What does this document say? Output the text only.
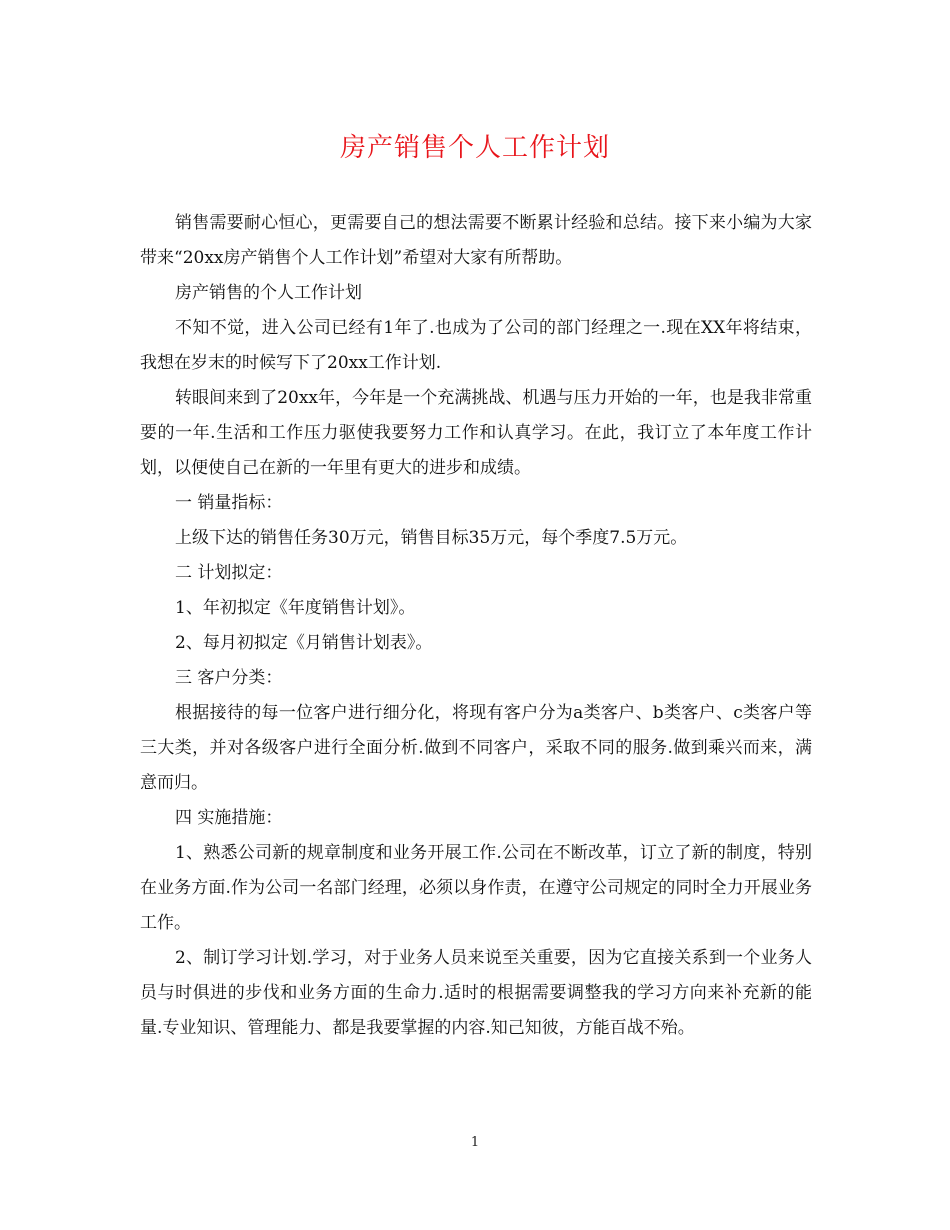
房产销售个人工作计划

销售需要耐心恒心，更需要自己的想法需要不断累计经验和总结。接下来小编为大家带来“20xx房产销售个人工作计划”希望对大家有所帮助。

房产销售的个人工作计划

不知不觉，进入公司已经有1年了.也成为了公司的部门经理之一.现在XX年将结束，我想在岁末的时候写下了20xx工作计划.

转眼间来到了20xx年，今年是一个充满挑战、机遇与压力开始的一年，也是我非常重要的一年.生活和工作压力驱使我要努力工作和认真学习。在此，我订立了本年度工作计划，以便使自己在新的一年里有更大的进步和成绩。

一 销量指标：

上级下达的销售任务30万元，销售目标35万元，每个季度7.5万元。

二 计划拟定：

1、年初拟定《年度销售计划》。

2、每月初拟定《月销售计划表》。

三 客户分类：

根据接待的每一位客户进行细分化，将现有客户分为a类客户、b类客户、c类客户等三大类，并对各级客户进行全面分析.做到不同客户，采取不同的服务.做到乘兴而来，满意而归。

四 实施措施：

1、熟悉公司新的规章制度和业务开展工作.公司在不断改革，订立了新的制度，特别在业务方面.作为公司一名部门经理，必须以身作责，在遵守公司规定的同时全力开展业务工作。

2、制订学习计划.学习，对于业务人员来说至关重要，因为它直接关系到一个业务人员与时俱进的步伐和业务方面的生命力.适时的根据需要调整我的学习方向来补充新的能量.专业知识、管理能力、都是我要掌握的内容.知己知彼，方能百战不殆。

1
